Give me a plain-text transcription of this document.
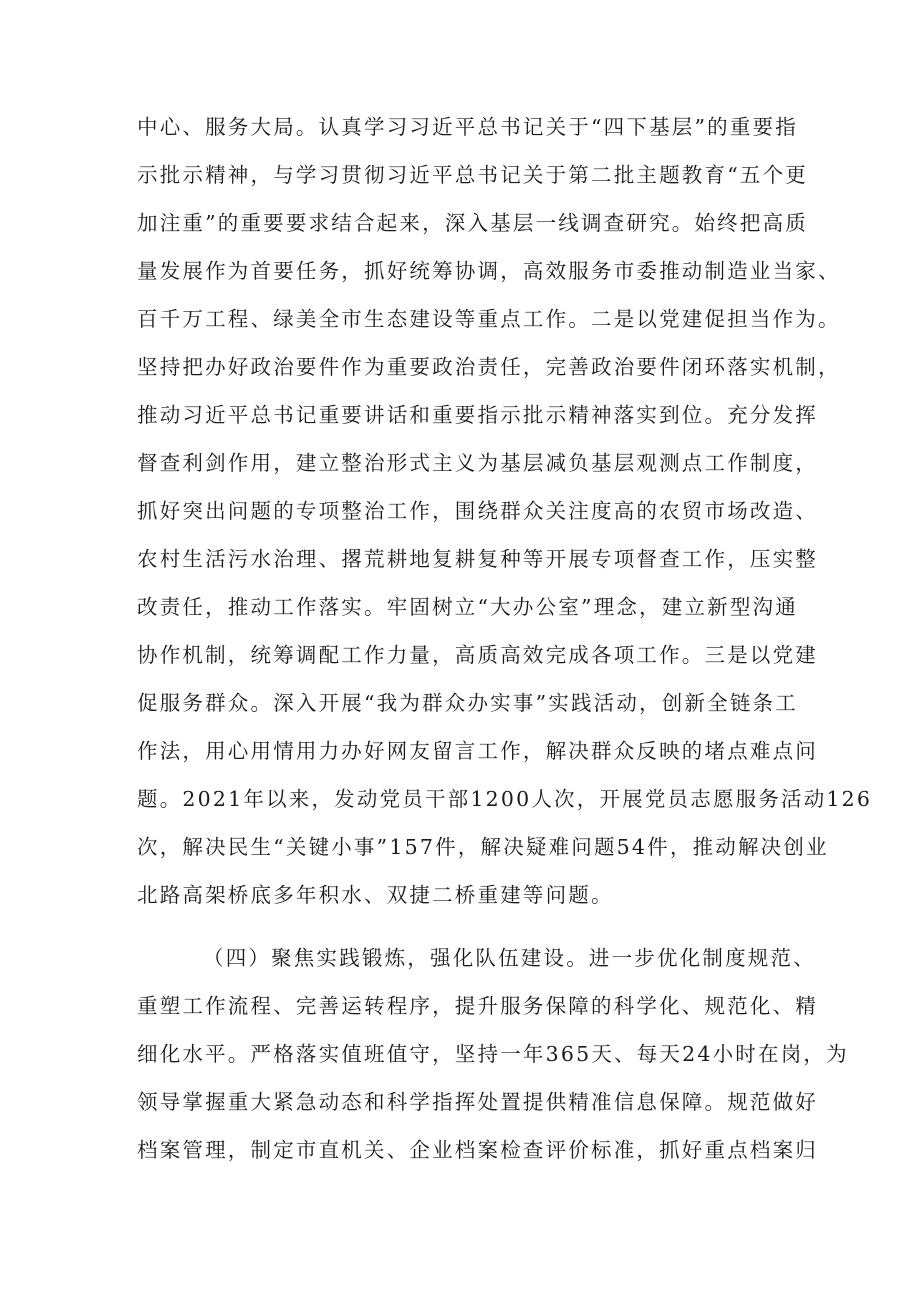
中心、服务大局。认真学习习近平总书记关于“四下基层”的重要指
示批示精神，与学习贯彻习近平总书记关于第二批主题教育“五个更
加注重”的重要要求结合起来，深入基层一线调查研究。始终把高质
量发展作为首要任务，抓好统筹协调，高效服务市委推动制造业当家、
百千万工程、绿美全市生态建设等重点工作。二是以党建促担当作为。
坚持把办好政治要件作为重要政治责任，完善政治要件闭环落实机制，
推动习近平总书记重要讲话和重要指示批示精神落实到位。充分发挥
督查利剑作用，建立整治形式主义为基层减负基层观测点工作制度，
抓好突出问题的专项整治工作，围绕群众关注度高的农贸市场改造、
农村生活污水治理、撂荒耕地复耕复种等开展专项督查工作，压实整
改责任，推动工作落实。牢固树立“大办公室”理念，建立新型沟通
协作机制，统筹调配工作力量，高质高效完成各项工作。三是以党建
促服务群众。深入开展“我为群众办实事”实践活动，创新全链条工
作法，用心用情用力办好网友留言工作，解决群众反映的堵点难点问
题。2021年以来，发动党员干部1200人次，开展党员志愿服务活动126
次，解决民生“关键小事”157件，解决疑难问题54件，推动解决创业
北路高架桥底多年积水、双捷二桥重建等问题。
（四）聚焦实践锻炼，强化队伍建设。进一步优化制度规范、
重塑工作流程、完善运转程序，提升服务保障的科学化、规范化、精
细化水平。严格落实值班值守，坚持一年365天、每天24小时在岗，为
领导掌握重大紧急动态和科学指挥处置提供精准信息保障。规范做好
档案管理，制定市直机关、企业档案检查评价标准，抓好重点档案归
